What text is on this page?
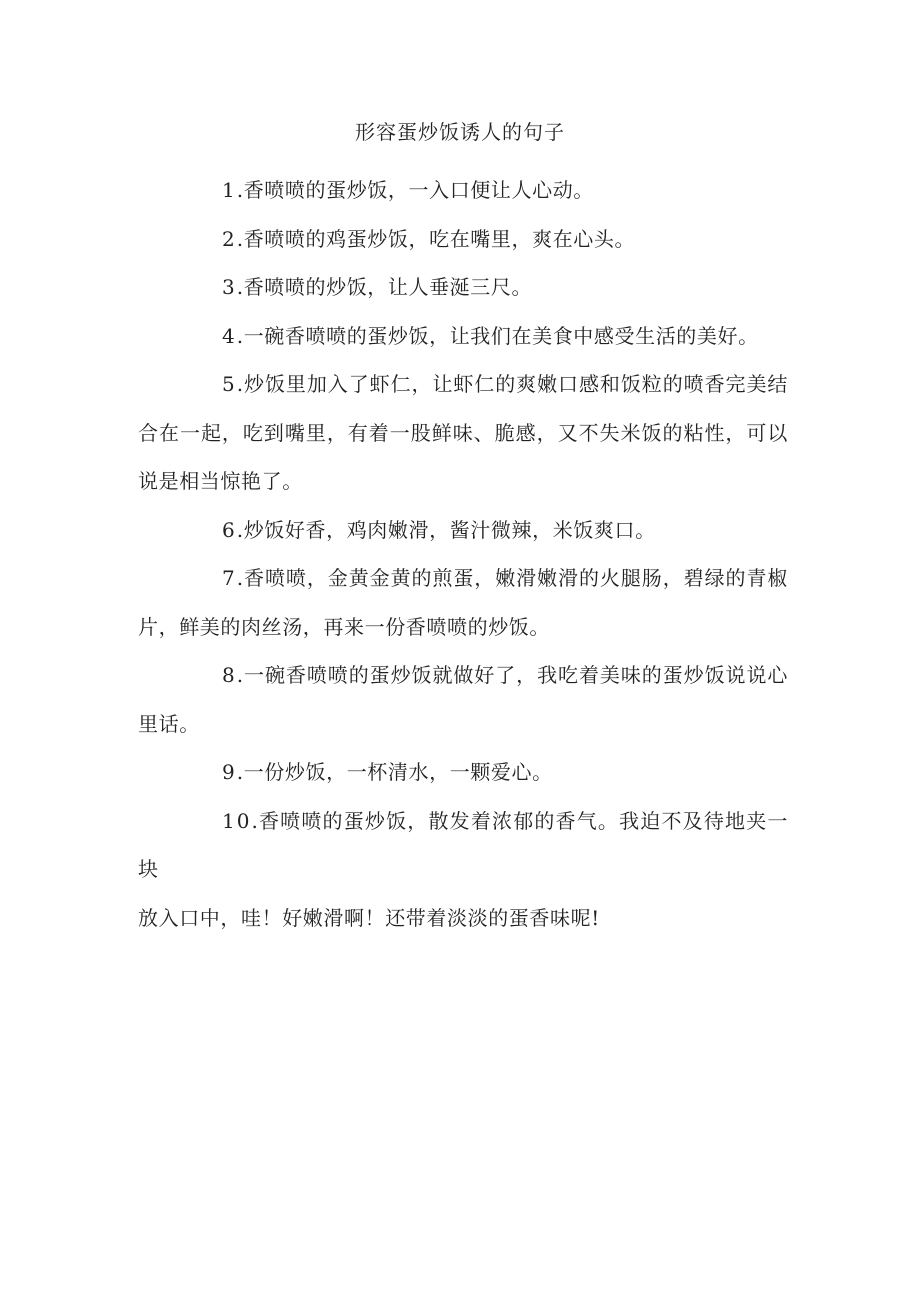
形容蛋炒饭诱人的句子

1.香喷喷的蛋炒饭，一入口便让人心动。

2.香喷喷的鸡蛋炒饭，吃在嘴里，爽在心头。

3.香喷喷的炒饭，让人垂涎三尺。

4.一碗香喷喷的蛋炒饭，让我们在美食中感受生活的美好。

5.炒饭里加入了虾仁，让虾仁的爽嫩口感和饭粒的喷香完美结合在一起，吃到嘴里，有着一股鲜味、脆感，又不失米饭的粘性，可以说是相当惊艳了。

6.炒饭好香，鸡肉嫩滑，酱汁微辣，米饭爽口。

7.香喷喷，金黄金黄的煎蛋，嫩滑嫩滑的火腿肠，碧绿的青椒片，鲜美的肉丝汤，再来一份香喷喷的炒饭。

8.一碗香喷喷的蛋炒饭就做好了，我吃着美味的蛋炒饭说说心里话。

9.一份炒饭，一杯清水，一颗爱心。

10.香喷喷的蛋炒饭，散发着浓郁的香气。我迫不及待地夹一块

放入口中，哇！好嫩滑啊！还带着淡淡的蛋香味呢!
